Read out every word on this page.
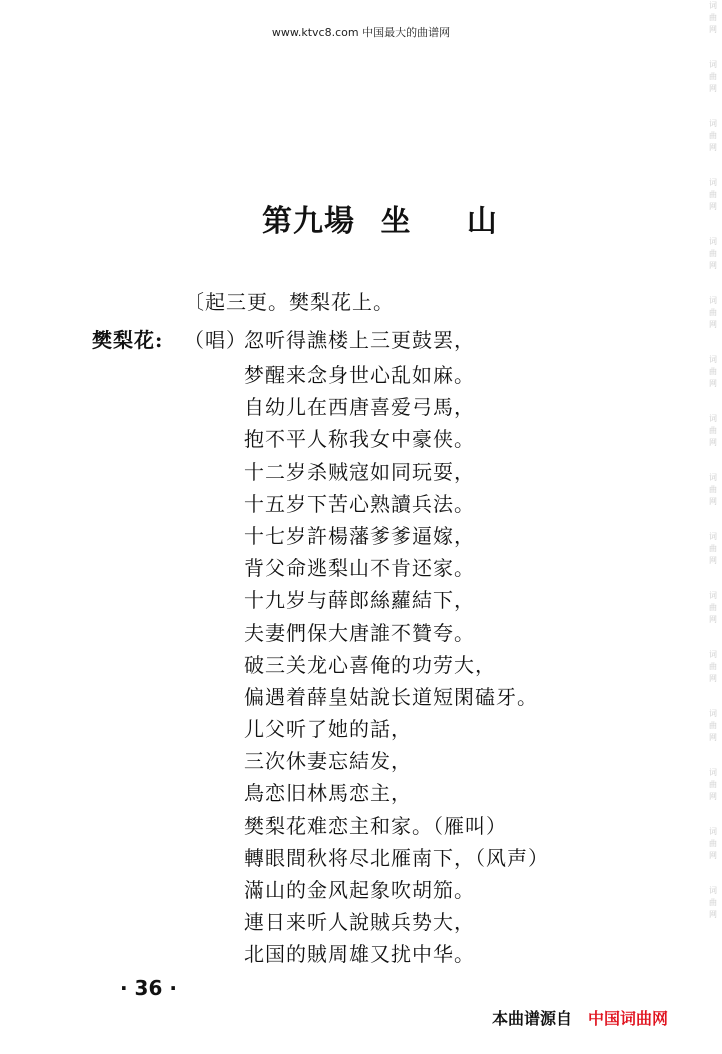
www.ktvc8.com 中国最大的曲谱网
词
曲
网
词
曲
网
词
曲
网
词
曲
网
词
曲
网
词
曲
网
词
曲
网
词
曲
网
词
曲
网
词
曲
网
词
曲
网
词
曲
网
词
曲
网
词
曲
网
词
曲
网
词
曲
网
第九場 坐 山
〔起三更。樊梨花上。
樊梨花: （唱）
忽听得譙楼上三更鼓罢，
梦醒来念身世心乱如麻。
自幼儿在西唐喜爱弓馬，
抱不平人称我女中豪侠。
十二岁杀贼寇如同玩耍，
十五岁下苦心熟讀兵法。
十七岁許楊藩爹爹逼嫁，
背父命逃梨山不肯还家。
十九岁与薛郎絲蘿結下，
夫妻們保大唐誰不贊夸。
破三关龙心喜俺的功劳大，
偏遇着薛皇姑說长道短閑磕牙。
儿父听了她的話，
三次休妻忘結发，
鳥恋旧林馬恋主，
樊梨花难恋主和家。（雁叫）
轉眼間秋将尽北雁南下，（风声）
滿山的金风起象吹胡笳。
連日来听人說賊兵势大，
北国的賊周雄又扰中华。
· 36 ·
本曲谱源自 中国词曲网
